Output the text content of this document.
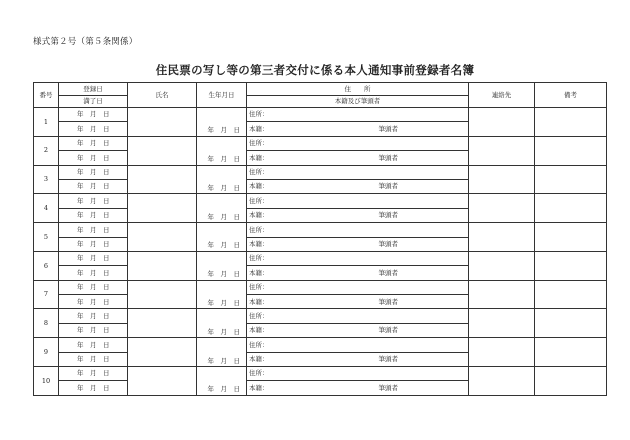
様式第２号（第５条関係）
住民票の写し等の第三者交付に係る本人通知事前登録者名簿
番号	登録日	氏名	生年月日	住　　所	連絡先	備考
	満了日			本籍及び筆頭者		
1	年　月　日		年　月　日	住所：		
	年　月　日			本籍： 筆頭者		
2	年　月　日		年　月　日	住所：		
	年　月　日			本籍： 筆頭者		
3	年　月　日		年　月　日	住所：		
	年　月　日			本籍： 筆頭者		
4	年　月　日		年　月　日	住所：		
	年　月　日			本籍： 筆頭者		
5	年　月　日		年　月　日	住所：		
	年　月　日			本籍： 筆頭者		
6	年　月　日		年　月　日	住所：		
	年　月　日			本籍： 筆頭者		
7	年　月　日		年　月　日	住所：		
	年　月　日			本籍： 筆頭者		
8	年　月　日		年　月　日	住所：		
	年　月　日			本籍： 筆頭者		
9	年　月　日		年　月　日	住所：		
	年　月　日			本籍： 筆頭者		
10	年　月　日		年　月　日	住所：		
	年　月　日			本籍： 筆頭者		
